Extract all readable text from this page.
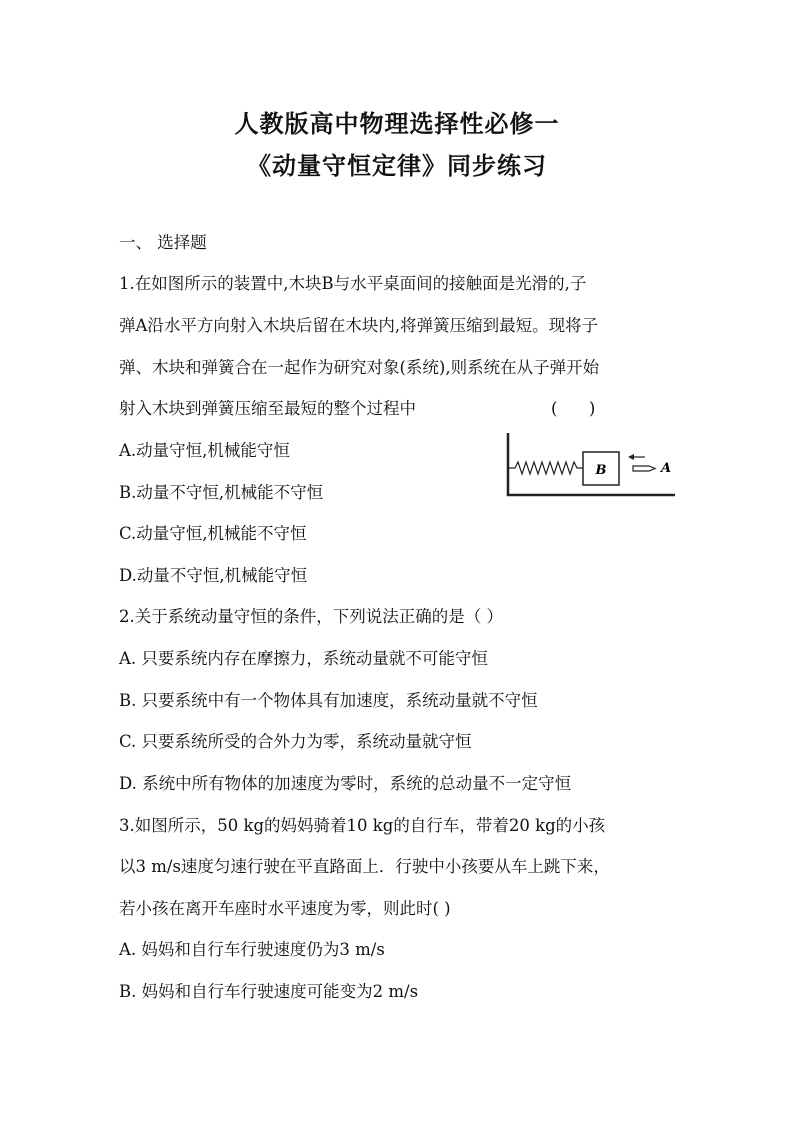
人教版高中物理选择性必修一
《动量守恒定律》同步练习
一、 选择题
1.在如图所示的装置中,木块B与水平桌面间的接触面是光滑的,子
弹A沿水平方向射入木块后留在木块内,将弹簧压缩到最短。现将子
弹、木块和弹簧合在一起作为研究对象(系统),则系统在从子弹开始
射入木块到弹簧压缩至最短的整个过程中	(      )
A.动量守恒,机械能守恒
B.动量不守恒,机械能不守恒
C.动量守恒,机械能不守恒
D.动量不守恒,机械能守恒
B	A
2.关于系统动量守恒的条件，下列说法正确的是（ ）
A. 只要系统内存在摩擦力，系统动量就不可能守恒
B. 只要系统中有一个物体具有加速度，系统动量就不守恒
C. 只要系统所受的合外力为零，系统动量就守恒
D. 系统中所有物体的加速度为零时，系统的总动量不一定守恒
3.如图所示，50 kg的妈妈骑着10 kg的自行车，带着20 kg的小孩
以3 m/s速度匀速行驶在平直路面上．行驶中小孩要从车上跳下来，
若小孩在离开车座时水平速度为零，则此时( )
A. 妈妈和自行车行驶速度仍为3 m/s
B. 妈妈和自行车行驶速度可能变为2 m/s
